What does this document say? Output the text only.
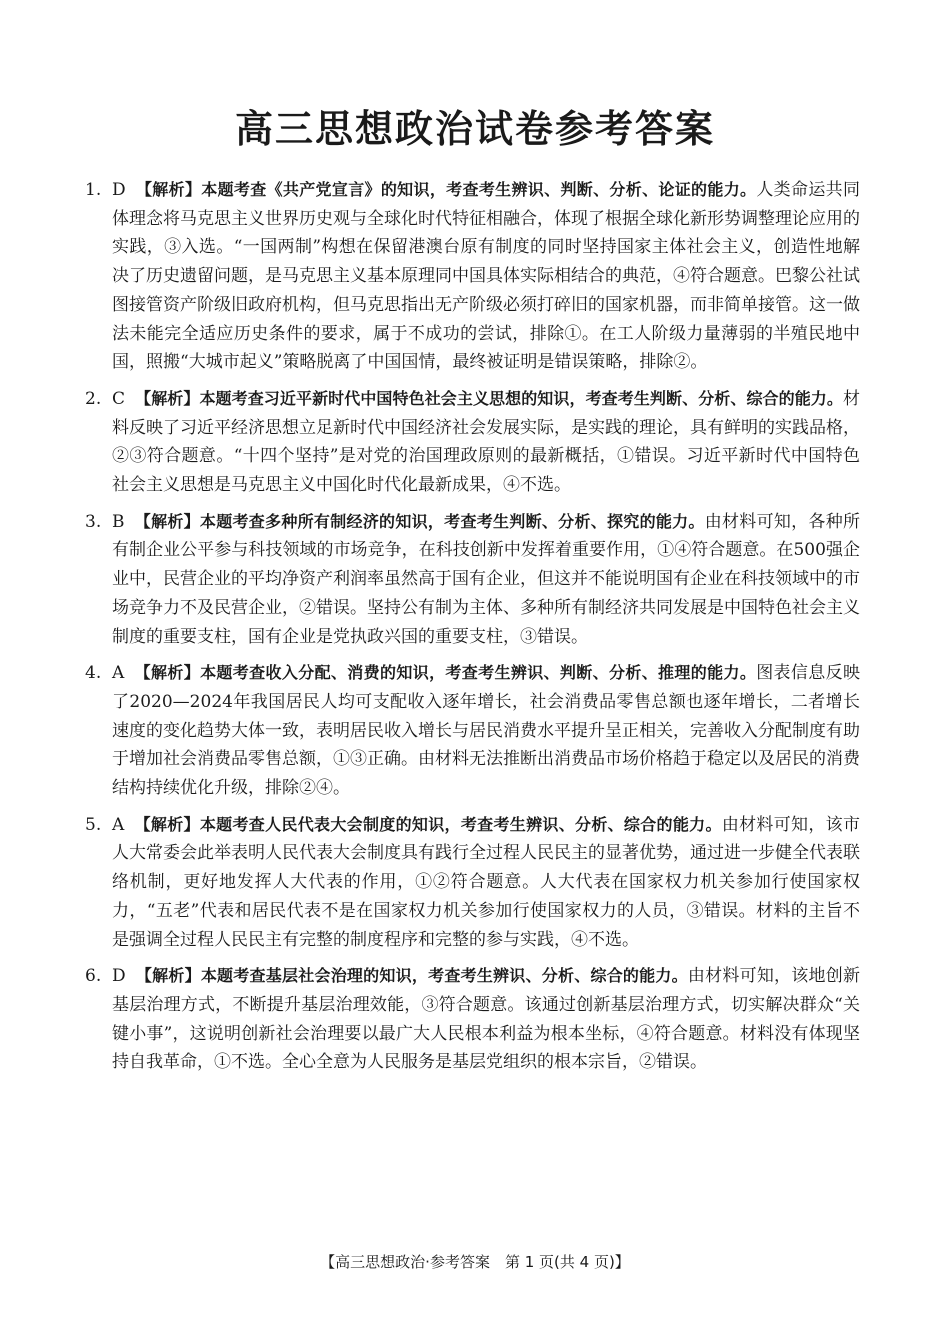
高三思想政治试卷参考答案
1. D 【解析】本题考查《共产党宣言》的知识，考查考生辨识、判断、分析、论证的能力。人类命运共同体理念将马克思主义世界历史观与全球化时代特征相融合，体现了根据全球化新形势调整理论应用的实践，③入选。“一国两制”构想在保留港澳台原有制度的同时坚持国家主体社会主义，创造性地解决了历史遗留问题，是马克思主义基本原理同中国具体实际相结合的典范，④符合题意。巴黎公社试图接管资产阶级旧政府机构，但马克思指出无产阶级必须打碎旧的国家机器，而非简单接管。这一做法未能完全适应历史条件的要求，属于不成功的尝试，排除①。在工人阶级力量薄弱的半殖民地中国，照搬“大城市起义”策略脱离了中国国情，最终被证明是错误策略，排除②。
2. C 【解析】本题考查习近平新时代中国特色社会主义思想的知识，考查考生判断、分析、综合的能力。材料反映了习近平经济思想立足新时代中国经济社会发展实际，是实践的理论，具有鲜明的实践品格，②③符合题意。“十四个坚持”是对党的治国理政原则的最新概括，①错误。习近平新时代中国特色社会主义思想是马克思主义中国化时代化最新成果，④不选。
3. B 【解析】本题考查多种所有制经济的知识，考查考生判断、分析、探究的能力。由材料可知，各种所有制企业公平参与科技领域的市场竞争，在科技创新中发挥着重要作用，①④符合题意。在500强企业中，民营企业的平均净资产利润率虽然高于国有企业，但这并不能说明国有企业在科技领域中的市场竞争力不及民营企业，②错误。坚持公有制为主体、多种所有制经济共同发展是中国特色社会主义制度的重要支柱，国有企业是党执政兴国的重要支柱，③错误。
4. A 【解析】本题考查收入分配、消费的知识，考查考生辨识、判断、分析、推理的能力。图表信息反映了2020—2024年我国居民人均可支配收入逐年增长，社会消费品零售总额也逐年增长，二者增长速度的变化趋势大体一致，表明居民收入增长与居民消费水平提升呈正相关，完善收入分配制度有助于增加社会消费品零售总额，①③正确。由材料无法推断出消费品市场价格趋于稳定以及居民的消费结构持续优化升级，排除②④。
5. A 【解析】本题考查人民代表大会制度的知识，考查考生辨识、分析、综合的能力。由材料可知，该市人大常委会此举表明人民代表大会制度具有践行全过程人民民主的显著优势，通过进一步健全代表联络机制，更好地发挥人大代表的作用，①②符合题意。人大代表在国家权力机关参加行使国家权力，“五老”代表和居民代表不是在国家权力机关参加行使国家权力的人员，③错误。材料的主旨不是强调全过程人民民主有完整的制度程序和完整的参与实践，④不选。
6. D 【解析】本题考查基层社会治理的知识，考查考生辨识、分析、综合的能力。由材料可知，该地创新基层治理方式，不断提升基层治理效能，③符合题意。该通过创新基层治理方式，切实解决群众“关键小事”，这说明创新社会治理要以最广大人民根本利益为根本坐标，④符合题意。材料没有体现坚持自我革命，①不选。全心全意为人民服务是基层党组织的根本宗旨，②错误。
【高三思想政治·参考答案　第 1 页(共 4 页)】
